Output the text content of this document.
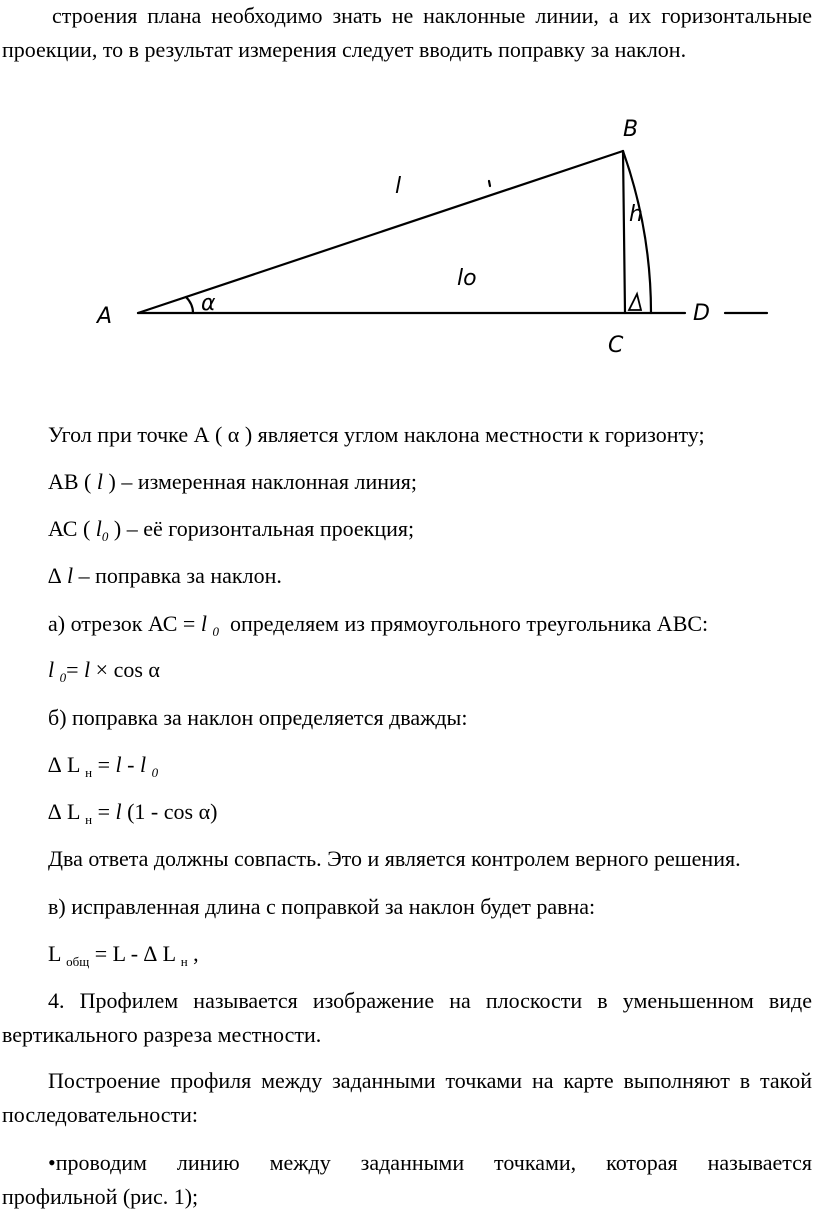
строения плана необходимо знать не наклонные линии, а их горизонтальные
проекции, то в результат измерения следует вводить поправку за наклон.
A
B
C
D
l
lo
h
α
Угол при точке А ( α ) является углом наклона местности к горизонту;
АВ ( l ) – измеренная наклонная линия;
АС ( $l_0$ ) – её горизонтальная проекция;
∆ l – поправка за наклон.
а) отрезок АС = l $_0$ определяем из прямоугольного треугольника АВС:
l $_0$= l × cos α
б) поправка за наклон определяется дважды:
∆ L $_н$ = l - l $_0$
∆ L $_н$ = l (1 - cos α)
Два ответа должны совпасть. Это и является контролем верного решения.
в) исправленная длина с поправкой за наклон будет равна:
L $_{общ}$ = L - ∆ L $_н$ ,
4. Профилем называется изображение на плоскости в уменьшенном виде
вертикального разреза местности.
Построение профиля между заданными точками на карте выполняют в такой
последовательности:
•проводим линию между заданными точками, которая называется
профильной (рис. 1);
